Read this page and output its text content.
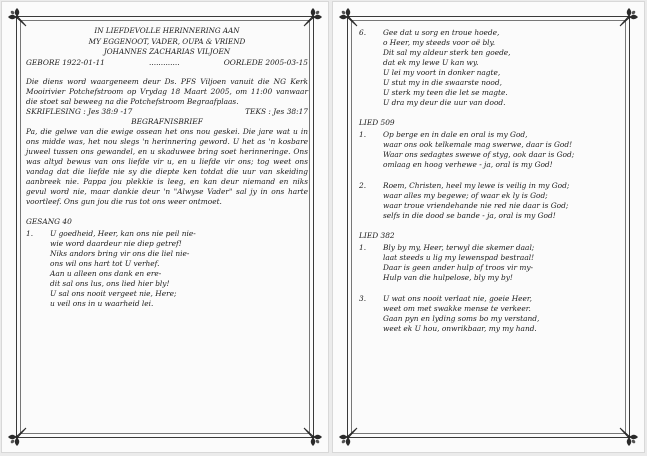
IN LIEFDEVOLLE HERINNERING AAN
MY EGGENOOT, VADER, OUPA & VRIEND
JOHANNES ZACHARIAS VILJOEN
GEBORE 1922-01-11	.............	OORLEDE 2005-03-15

Die diens word waargeneem deur Ds. PFS Viljoen vanuit die NG Kerk Mooirivier Potchefstroom op Vrydag 18 Maart 2005, om 11:00 vanwaar die stoet sal beweeg na die Potchefstroom Begraafplaas.

SKRIFLESING : Jes 38:9 -17	TEKS : Jes 38:17
BEGRAFNISBRIEF

Pa, die gelwe van die ewige ossean het ons nou geskei. Die jare wat u in ons midde was, het nou slegs 'n herinnering geword. U het as 'n kosbare juweel tussen ons gewandel, en u skaduwee bring soet herinneringe. Ons was altyd bewus van ons liefde vir u, en u liefde vir ons; tog weet ons vandag dat die liefde nie sy die diepte ken totdat die uur van skeiding aanbreek nie. Pappa jou plekkie is leeg, en kan deur niemand en niks gevul word nie, maar dankie deur 'n "Alwyse Vader" sal jy in ons harte voortleef. Ons gun jou die rus tot ons weer ontmoet.

GESANG 40
1.	U goedheid, Heer, kan ons nie peil nie-
wie word daardeur nie diep getref!
Niks andors bring vir ons die liel nie-
ons wil ons hart tot U verhef.
Aan u alleen ons dank en ere-
dit sal ons lus, ons lied hier bly!
U sal ons nooit vergeet nie, Here;
u veil ons in u waarheid lei.
6.	Gee dat u sorg en troue hoede,
o Heer, my steeds voor oë bly.
Dit sal my aldeur sterk ten goede,
dat ek my lewe U kan wy.
U lei my voort in donker nagte,
U stut my in die swaarste nood,
U sterk my teen die let se magte.
U dra my deur die uur van dood.
LIED 509
1.	Op berge en in dale en oral is my God,
waar ons ook telkemale mag swerwe, daar is God!
Waar ons sedagtes swewe of styg, ook daar is God;
omlaag en hoog verhewe - ja, oral is my God!
2.	Roem, Christen, heel my lewe is veilig in my God;
waar alles my begewe; of waar ek ly is God;
waar troue vriendehande nie red nie daar is God;
selfs in die dood se bande - ja, oral is my God!
LIED 382
1.	Bly by my, Heer, terwyl die skemer daal;
laat steeds u lig my lewenspad bestraal!
Daar is geen ander hulp of troos vir my-
Hulp van die hulpelose, bly my by!
3.	U wat ons nooit verlaat nie, goeie Heer,
weet om met swakke mense te verkeer.
Gaan pyn en lyding soms bo my verstand,
weet ek U hou, onwrikbaar, my my hand.
